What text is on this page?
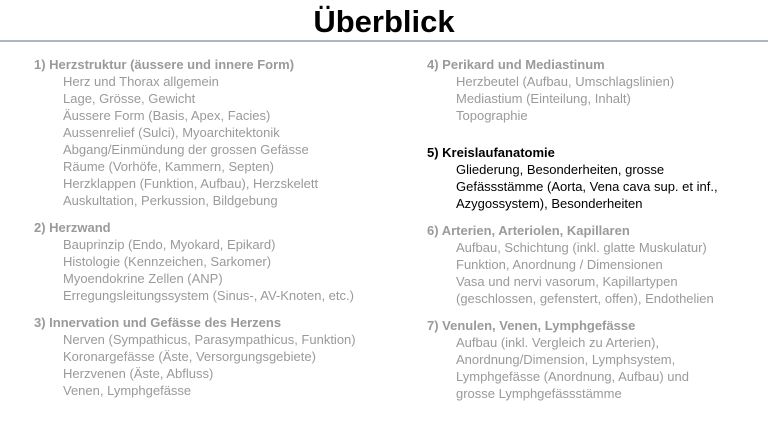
Überblick
1) Herzstruktur (äussere und innere Form)
Herz und Thorax allgemein
Lage, Grösse, Gewicht
Äussere Form (Basis, Apex, Facies)
Aussenrelief (Sulci), Myoarchitektonik
Abgang/Einmündung der grossen Gefässe
Räume (Vorhöfe, Kammern, Septen)
Herzklappen (Funktion, Aufbau), Herzskelett
Auskultation, Perkussion, Bildgebung
2) Herzwand
Bauprinzip (Endo, Myokard, Epikard)
Histologie (Kennzeichen, Sarkomer)
Myoendokrine Zellen (ANP)
Erregungsleitungssystem (Sinus-, AV-Knoten, etc.)
3) Innervation und Gefässe des Herzens
Nerven (Sympathicus, Parasympathicus, Funktion)
Koronargefässe (Äste, Versorgungsgebiete)
Herzvenen (Äste, Abfluss)
Venen, Lymphgefässe
4) Perikard und Mediastinum
Herzbeutel (Aufbau, Umschlagslinien)
Mediastium (Einteilung, Inhalt)
Topographie
5) Kreislaufanatomie
Gliederung, Besonderheiten, grosse
Gefässstämme (Aorta, Vena cava sup. et inf.,
Azygossystem), Besonderheiten
6) Arterien, Arteriolen, Kapillaren
Aufbau, Schichtung (inkl. glatte Muskulatur)
Funktion, Anordnung / Dimensionen
Vasa und nervi vasorum, Kapillartypen
(geschlossen, gefenstert, offen), Endothelien
7) Venulen, Venen, Lymphgefässe
Aufbau (inkl. Vergleich zu Arterien),
Anordnung/Dimension, Lymphsystem,
Lymphgefässe (Anordnung, Aufbau) und
grosse Lymphgefässstämme
